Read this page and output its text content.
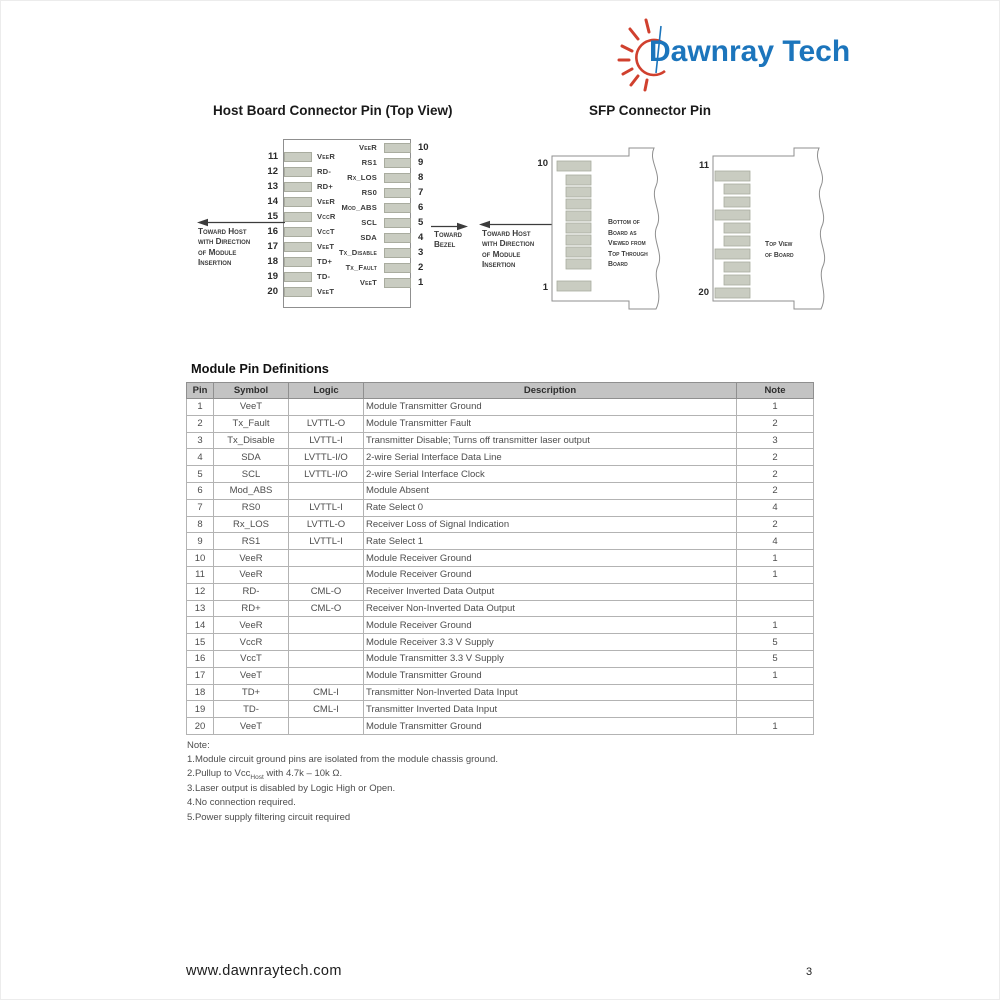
Dawnray Tech
Host Board Connector Pin (Top View)	SFP Connector Pin
11	VeeR
12	RD-
13	RD+
14	VeeR
15	VccR
16	VccT
17	VeeT
18	TD+
19	TD-
20	VeeT
VeeR	10
RS1	9
Rx_LOS	8
RS0	7
Mod_ABS	6
SCL	5
SDA	4
Tx_Disable	3
Tx_Fault	2
VeeT	1
Toward Host
with Direction
of Module
Insertion
Toward
Bezel
Toward Host
with Direction
of Module
Insertion
10
1
Bottom of
Board as
Viewed from
Top Through
Board
11
20
Top View
of Board
Module Pin Definitions
Pin	Symbol	Logic	Description	Note
1	VeeT		Module Transmitter Ground	1
2	Tx_Fault	LVTTL-O	Module Transmitter Fault	2
3	Tx_Disable	LVTTL-I	Transmitter Disable; Turns off transmitter laser output	3
4	SDA	LVTTL-I/O	2-wire Serial Interface Data Line	2
5	SCL	LVTTL-I/O	2-wire Serial Interface Clock	2
6	Mod_ABS		Module Absent	2
7	RS0	LVTTL-I	Rate Select 0	4
8	Rx_LOS	LVTTL-O	Receiver Loss of Signal Indication	2
9	RS1	LVTTL-I	Rate Select 1	4
10	VeeR		Module Receiver Ground	1
11	VeeR		Module Receiver Ground	1
12	RD-	CML-O	Receiver Inverted Data Output	
13	RD+	CML-O	Receiver Non-Inverted Data Output	
14	VeeR		Module Receiver Ground	1
15	VccR		Module Receiver 3.3 V Supply	5
16	VccT		Module Transmitter 3.3 V Supply	5
17	VeeT		Module Transmitter Ground	1
18	TD+	CML-I	Transmitter Non-Inverted Data Input	
19	TD-	CML-I	Transmitter Inverted Data Input	
20	VeeT		Module Transmitter Ground	1
Note:
1. Module circuit ground pins are isolated from the module chassis ground.
2. Pullup to Vcc$_{Host}$ with 4.7k – 10k Ω.
3. Laser output is disabled by Logic High or Open.
4. No connection required.
5. Power supply filtering circuit required
www.dawnraytech.com	3
